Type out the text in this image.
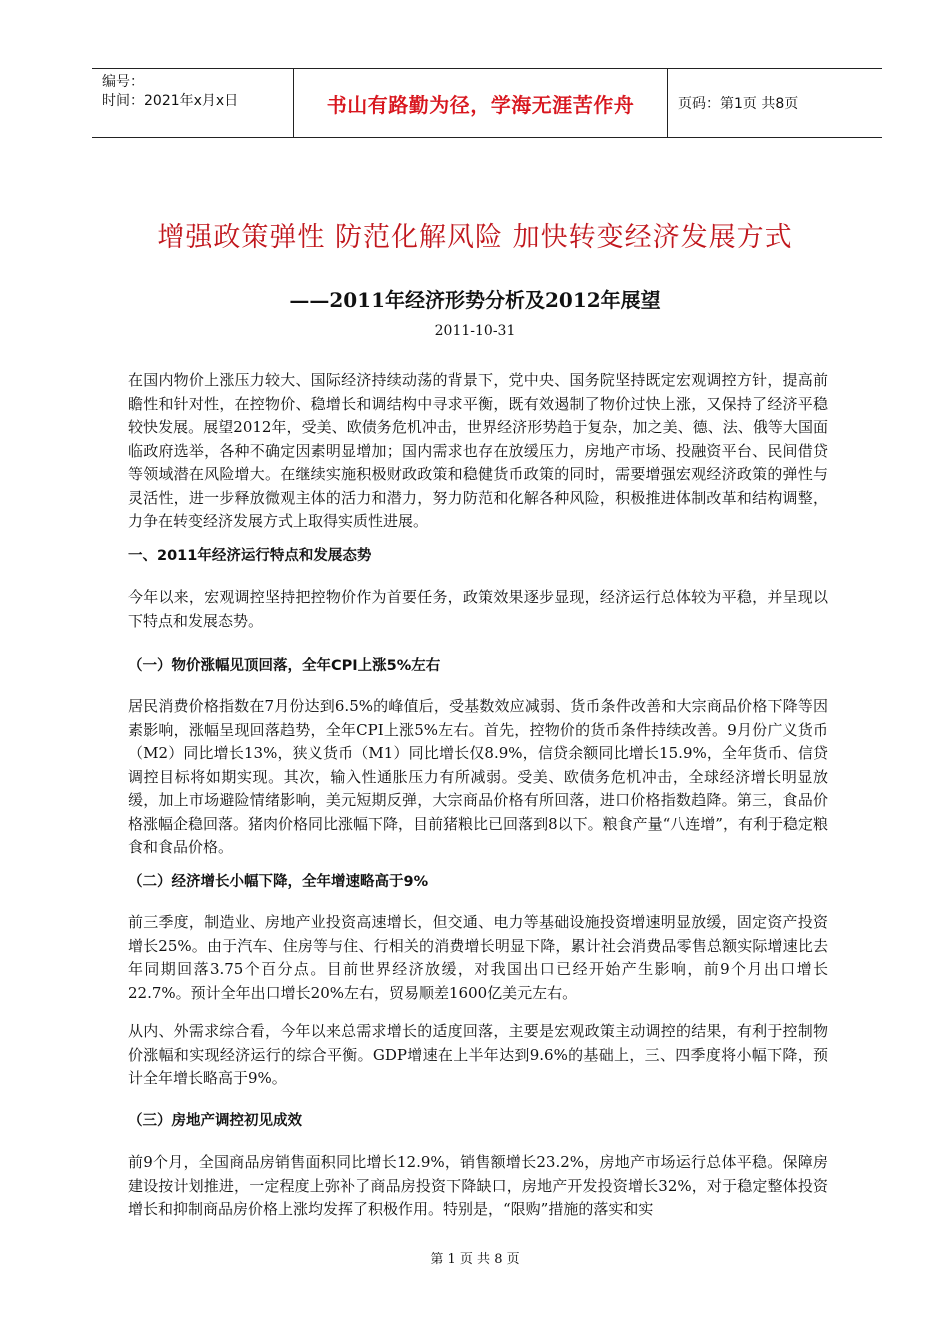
编号：
时间：2021年x月x日	书山有路勤为径，学海无涯苦作舟	页码：第1页 共8页
增强政策弹性 防范化解风险 加快转变经济发展方式
——2011年经济形势分析及2012年展望
2011-10-31

在国内物价上涨压力较大、国际经济持续动荡的背景下，党中央、国务院坚持既定宏观调控方针，提高前瞻性和针对性，在控物价、稳增长和调结构中寻求平衡，既有效遏制了物价过快上涨，又保持了经济平稳较快发展。展望2012年，受美、欧债务危机冲击，世界经济形势趋于复杂，加之美、德、法、俄等大国面临政府选举，各种不确定因素明显增加；国内需求也存在放缓压力，房地产市场、投融资平台、民间借贷等领域潜在风险增大。在继续实施积极财政政策和稳健货币政策的同时，需要增强宏观经济政策的弹性与灵活性，进一步释放微观主体的活力和潜力，努力防范和化解各种风险，积极推进体制改革和结构调整，力争在转变经济发展方式上取得实质性进展。

一、2011年经济运行特点和发展态势

今年以来，宏观调控坚持把控物价作为首要任务，政策效果逐步显现，经济运行总体较为平稳，并呈现以下特点和发展态势。

（一）物价涨幅见顶回落，全年CPI上涨5%左右

居民消费价格指数在7月份达到6.5%的峰值后，受基数效应减弱、货币条件改善和大宗商品价格下降等因素影响，涨幅呈现回落趋势，全年CPI上涨5%左右。首先，控物价的货币条件持续改善。9月份广义货币（M2）同比增长13%，狭义货币（M1）同比增长仅8.9%，信贷余额同比增长15.9%，全年货币、信贷调控目标将如期实现。其次，输入性通胀压力有所减弱。受美、欧债务危机冲击，全球经济增长明显放缓，加上市场避险情绪影响，美元短期反弹，大宗商品价格有所回落，进口价格指数趋降。第三，食品价格涨幅企稳回落。猪肉价格同比涨幅下降，目前猪粮比已回落到8以下。粮食产量“八连增”，有利于稳定粮食和食品价格。

（二）经济增长小幅下降，全年增速略高于9%

前三季度，制造业、房地产业投资高速增长，但交通、电力等基础设施投资增速明显放缓，固定资产投资增长25%。由于汽车、住房等与住、行相关的消费增长明显下降，累计社会消费品零售总额实际增速比去年同期回落3.75个百分点。目前世界经济放缓，对我国出口已经开始产生影响，前9个月出口增长22.7%。预计全年出口增长20%左右，贸易顺差1600亿美元左右。

从内、外需求综合看，今年以来总需求增长的适度回落，主要是宏观政策主动调控的结果，有利于控制物价涨幅和实现经济运行的综合平衡。GDP增速在上半年达到9.6%的基础上，三、四季度将小幅下降，预计全年增长略高于9%。

（三）房地产调控初见成效

前9个月，全国商品房销售面积同比增长12.9%，销售额增长23.2%，房地产市场运行总体平稳。保障房建设按计划推进，一定程度上弥补了商品房投资下降缺口，房地产开发投资增长32%，对于稳定整体投资增长和抑制商品房价格上涨均发挥了积极作用。特别是，“限购”措施的落实和实

第 1 页 共 8 页
